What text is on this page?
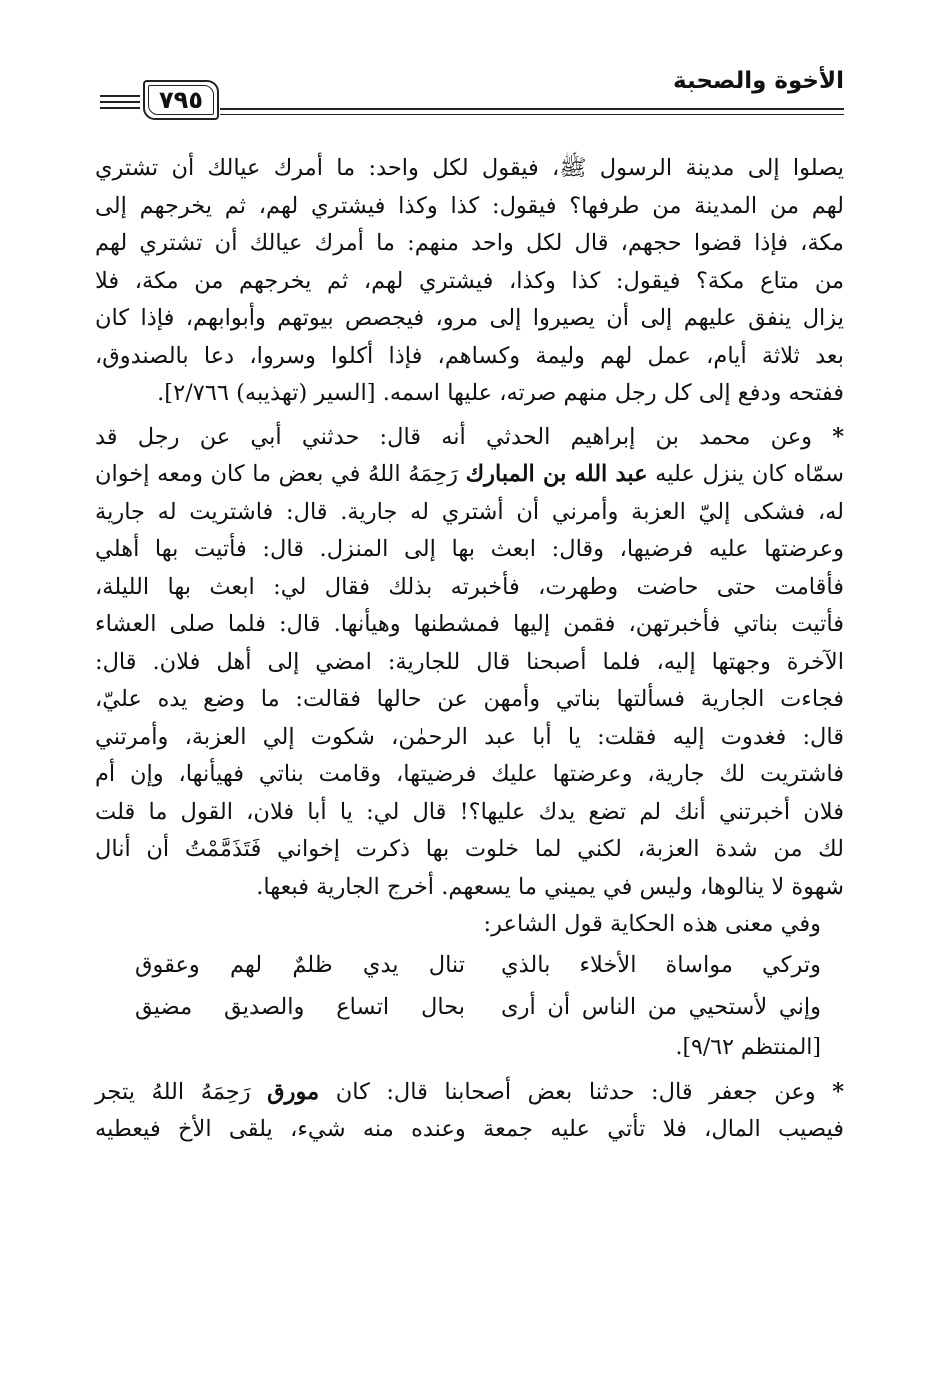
الأخوة والصحبة
٧٩٥
يصلوا إلى مدينة الرسول ﷺ، فيقول لكل واحد: ما أمرك عيالك أن تشتري
لهم من المدينة من طرفها؟ فيقول: كذا وكذا فيشتري لهم، ثم يخرجهم إلى
مكة، فإذا قضوا حجهم، قال لكل واحد منهم: ما أمرك عيالك أن تشتري لهم
من متاع مكة؟ فيقول: كذا وكذا، فيشتري لهم، ثم يخرجهم من مكة، فلا
يزال ينفق عليهم إلى أن يصيروا إلى مرو، فيجصص بيوتهم وأبوابهم، فإذا كان
بعد ثلاثة أيام، عمل لهم وليمة وكساهم، فإذا أكلوا وسروا، دعا بالصندوق،
ففتحه ودفع إلى كل رجل منهم صرته، عليها اسمه. [السير (تهذيبه) ٢/٧٦٦].
* وعن محمد بن إبراهيم الحدثي أنه قال: حدثني أبي عن رجل قد
سمّاه كان ينزل عليه عبد الله بن المبارك رَحِمَهُ اللهُ في بعض ما كان ومعه إخوان
له، فشكى إليّ العزبة وأمرني أن أشتري له جارية. قال: فاشتريت له جارية
وعرضتها عليه فرضيها، وقال: ابعث بها إلى المنزل. قال: فأتيت بها أهلي
فأقامت حتى حاضت وطهرت، فأخبرته بذلك فقال لي: ابعث بها الليلة،
فأتيت بناتي فأخبرتهن، فقمن إليها فمشطنها وهيأنها. قال: فلما صلى العشاء
الآخرة وجهتها إليه، فلما أصبحنا قال للجارية: امضي إلى أهل فلان. قال:
فجاءت الجارية فسألتها بناتي وأمهن عن حالها فقالت: ما وضع يده عليّ،
قال: فغدوت إليه فقلت: يا أبا عبد الرحمٰن، شكوت إلي العزبة، وأمرتني
فاشتريت لك جارية، وعرضتها عليك فرضيتها، وقامت بناتي فهيأنها، وإن أم
فلان أخبرتني أنك لم تضع يدك عليها؟! قال لي: يا أبا فلان، القول ما قلت
لك من شدة العزبة، لكني لما خلوت بها ذكرت إخواني فَتَذَمَّمْتُ أن أنال
شهوة لا ينالوها، وليس في يميني ما يسعهم. أخرج الجارية فبعها.
وفي معنى هذه الحكاية قول الشاعر:
وتركي مواساة الأخلاء بالذي
تنال يدي ظلمٌ لهم وعقوق
وإني لأستحيي من الناس أن أرى
بحال اتساع والصديق مضيق
[المنتظم ٩/٦٢].
* وعن جعفر قال: حدثنا بعض أصحابنا قال: كان مورق رَحِمَهُ اللهُ يتجر
فيصيب المال، فلا تأتي عليه جمعة وعنده منه شيء، يلقى الأخ فيعطيه
